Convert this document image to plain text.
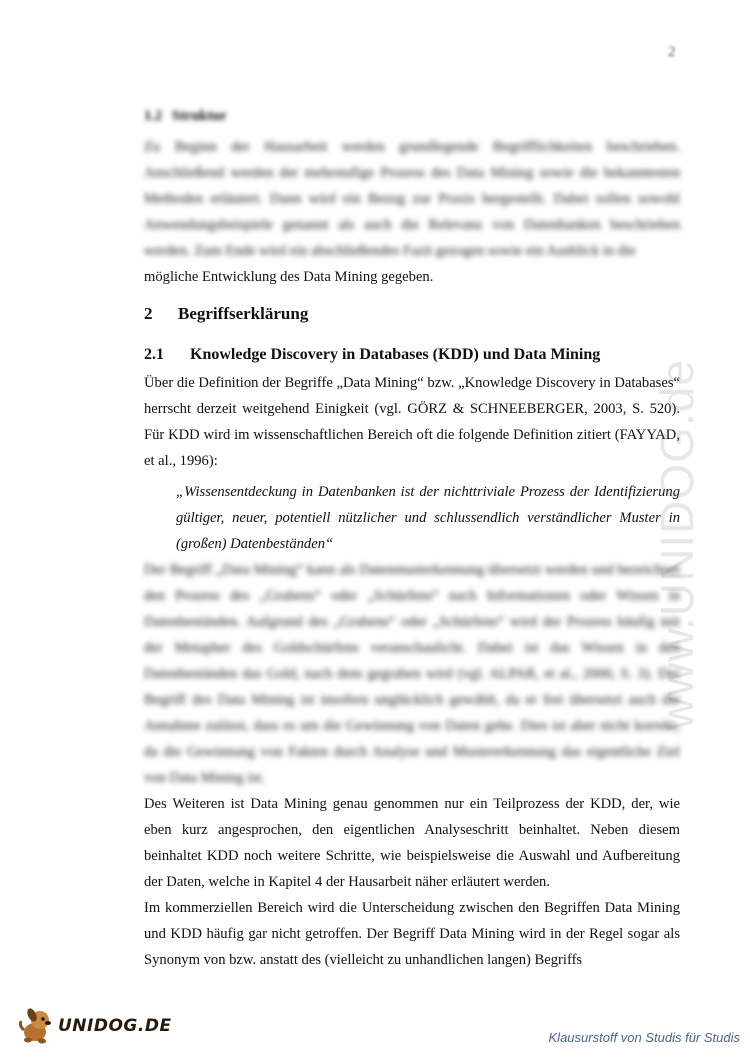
2
1.2 Struktur

Zu Beginn der Hausarbeit werden grundlegende Begrifflichkeiten beschrieben. Anschließend werden der mehrstufige Prozess des Data Mining sowie die bekanntesten Methoden erläutert. Dann wird ein Bezug zur Praxis hergestellt. Dabei sollen sowohl Anwendungsbeispiele genannt als auch die Relevanz von Datenbanken beschrieben werden. Zum Ende wird ein abschließendes Fazit gezogen sowie ein Ausblick in die

mögliche Entwicklung des Data Mining gegeben.

2 Begriffserklärung
2.1 Knowledge Discovery in Databases (KDD) und Data Mining

Über die Definition der Begriffe „Data Mining“ bzw. „Knowledge Discovery in Databases“ herrscht derzeit weitgehend Einigkeit (vgl. GÖRZ & SCHNEEBERGER, 2003, S. 520). Für KDD wird im wissenschaftlichen Bereich oft die folgende Definition zitiert (FAYYAD, et al., 1996):

„Wissensentdeckung in Datenbanken ist der nichttriviale Prozess der Identifizierung gültiger, neuer, potentiell nützlicher und schlussendlich verständlicher Muster in (großen) Datenbeständen“

Der Begriff „Data Mining“ kann als Datenmusterkennung übersetzt werden und bezeichnet den Prozess des „Grabens“ oder „Schürfens“ nach Informationen oder Wissen in Datenbeständen. Aufgrund des „Grabens“ oder „Schürfens“ wird der Prozess häufig mit der Metapher des Goldschürfens veranschaulicht. Dabei ist das Wissen in den Datenbeständen das Gold, nach dem gegraben wird (vgl. ALPAR, et al., 2000, S. 3). Der Begriff des Data Mining ist insofern unglücklich gewählt, da er frei übersetzt auch die Annahme zulässt, dass es um die Gewinnung von Daten gehe. Dies ist aber nicht korrekt, da die Gewinnung von Fakten durch Analyse und Mustererkennung das eigentliche Ziel von Data Mining ist.

Des Weiteren ist Data Mining genau genommen nur ein Teilprozess der KDD, der, wie eben kurz angesprochen, den eigentlichen Analyseschritt beinhaltet. Neben diesem beinhaltet KDD noch weitere Schritte, wie beispielsweise die Auswahl und Aufbereitung der Daten, welche in Kapitel 4 der Hausarbeit näher erläutert werden.

Im kommerziellen Bereich wird die Unterscheidung zwischen den Begriffen Data Mining und KDD häufig gar nicht getroffen. Der Begriff Data Mining wird in der Regel sogar als Synonym von bzw. anstatt des (vielleicht zu unhandlichen langen) Begriffs

www.UNIDOG.de
UNIDOG.DE
Klausurstoff von Studis für Studis
